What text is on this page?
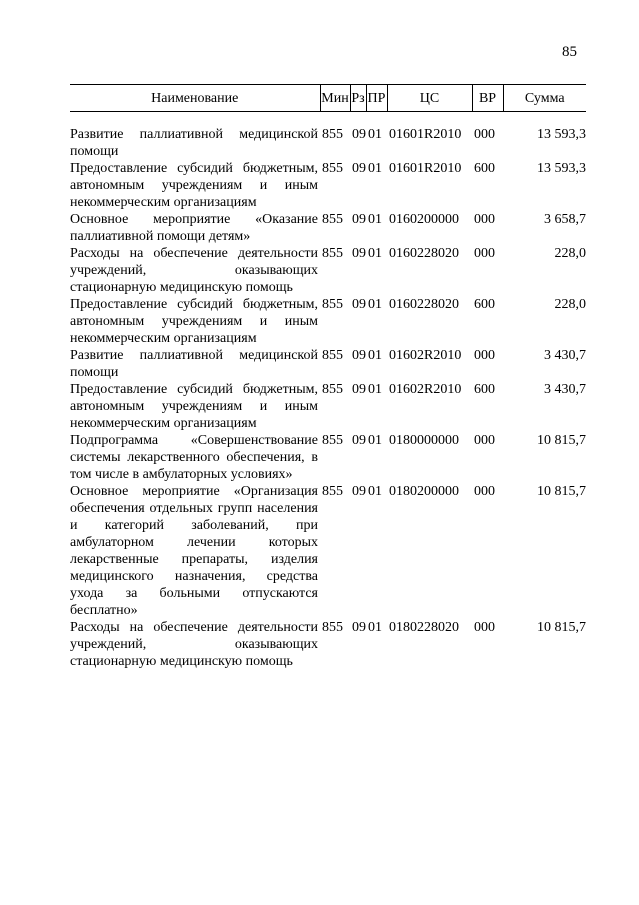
85
Наименование	Мин	Рз	ПР	ЦС	ВР	Сумма

Развитие паллиативной медицинской помощи	855	09	01	01601R2010	000	13 593,3
Предоставление субсидий бюджетным, автономным учреждениям и иным некоммерческим организациям	855	09	01	01601R2010	600	13 593,3
Основное мероприятие «Оказание паллиативной помощи детям»	855	09	01	0160200000	000	3 658,7
Расходы на обеспечение деятельности учреждений, оказывающих стационарную медицинскую помощь	855	09	01	0160228020	000	228,0
Предоставление субсидий бюджетным, автономным учреждениям и иным некоммерческим организациям	855	09	01	0160228020	600	228,0
Развитие паллиативной медицинской помощи	855	09	01	01602R2010	000	3 430,7
Предоставление субсидий бюджетным, автономным учреждениям и иным некоммерческим организациям	855	09	01	01602R2010	600	3 430,7
Подпрограмма «Совершенствование системы лекарственного обеспечения, в том числе в амбулаторных условиях»	855	09	01	0180000000	000	10 815,7
Основное мероприятие «Организация обеспечения отдельных групп населения и категорий заболеваний, при амбулаторном лечении которых лекарственные препараты, изделия медицинского назначения, средства ухода за больными отпускаются бесплатно»	855	09	01	0180200000	000	10 815,7
Расходы на обеспечение деятельности учреждений, оказывающих стационарную медицинскую помощь	855	09	01	0180228020	000	10 815,7
